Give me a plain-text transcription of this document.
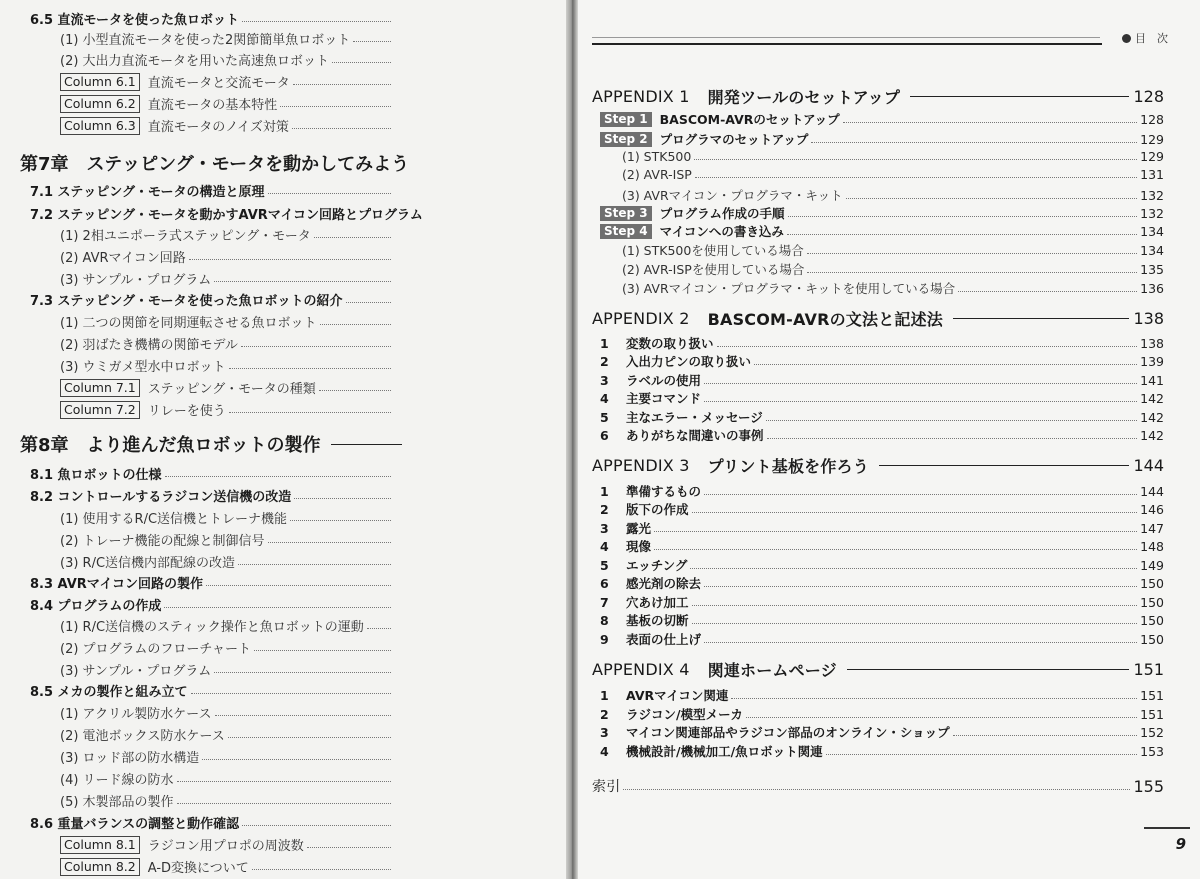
6.5 直流モータを使った魚ロボット
(1) 小型直流モータを使った2関節簡単魚ロボット
(2) 大出力直流モータを用いた高速魚ロボット
Column 6.1 直流モータと交流モータ
Column 6.2 直流モータの基本特性
Column 6.3 直流モータのノイズ対策
第7章　ステッピング・モータを動かしてみよう
7.1 ステッピング・モータの構造と原理
7.2 ステッピング・モータを動かすAVRマイコン回路とプログラム
(1) 2相ユニポーラ式ステッピング・モータ
(2) AVRマイコン回路
(3) サンプル・プログラム
7.3 ステッピング・モータを使った魚ロボットの紹介
(1) 二つの関節を同期運転させる魚ロボット
(2) 羽ばたき機構の関節モデル
(3) ウミガメ型水中ロボット
Column 7.1 ステッピング・モータの種類
Column 7.2 リレーを使う
第8章　より進んだ魚ロボットの製作
8.1 魚ロボットの仕様
8.2 コントロールするラジコン送信機の改造
(1) 使用するR/C送信機とトレーナ機能
(2) トレーナ機能の配線と制御信号
(3) R/C送信機内部配線の改造
8.3 AVRマイコン回路の製作
8.4 プログラムの作成
(1) R/C送信機のスティック操作と魚ロボットの運動
(2) プログラムのフローチャート
(3) サンプル・プログラム
8.5 メカの製作と組み立て
(1) アクリル製防水ケース
(2) 電池ボックス防水ケース
(3) ロッド部の防水構造
(4) リード線の防水
(5) 木製部品の製作
8.6 重量バランスの調整と動作確認
Column 8.1 ラジコン用プロポの周波数
Column 8.2 A-D変換について
目　次
9
APPENDIX 1 開発ツールのセットアップ	128
Step 1 BASCOM-AVRのセットアップ	128
Step 2 プログラマのセットアップ	129
(1) STK500	129
(2) AVR-ISP	131
(3) AVRマイコン・プログラマ・キット	132
Step 3 プログラム作成の手順	132
Step 4 マイコンへの書き込み	134
(1) STK500を使用している場合	134
(2) AVR-ISPを使用している場合	135
(3) AVRマイコン・プログラマ・キットを使用している場合	136
APPENDIX 2 BASCOM-AVRの文法と記述法	138
1	変数の取り扱い	138
2	入出力ピンの取り扱い	139
3	ラベルの使用	141
4	主要コマンド	142
5	主なエラー・メッセージ	142
6	ありがちな間違いの事例	142
APPENDIX 3 プリント基板を作ろう	144
1	準備するもの	144
2	版下の作成	146
3	露光	147
4	現像	148
5	エッチング	149
6	感光剤の除去	150
7	穴あけ加工	150
8	基板の切断	150
9	表面の仕上げ	150
APPENDIX 4 関連ホームページ	151
1	AVRマイコン関連	151
2	ラジコン/模型メーカ	151
3	マイコン関連部品やラジコン部品のオンライン・ショップ	152
4	機械設計/機械加工/魚ロボット関連	153
索引	155
